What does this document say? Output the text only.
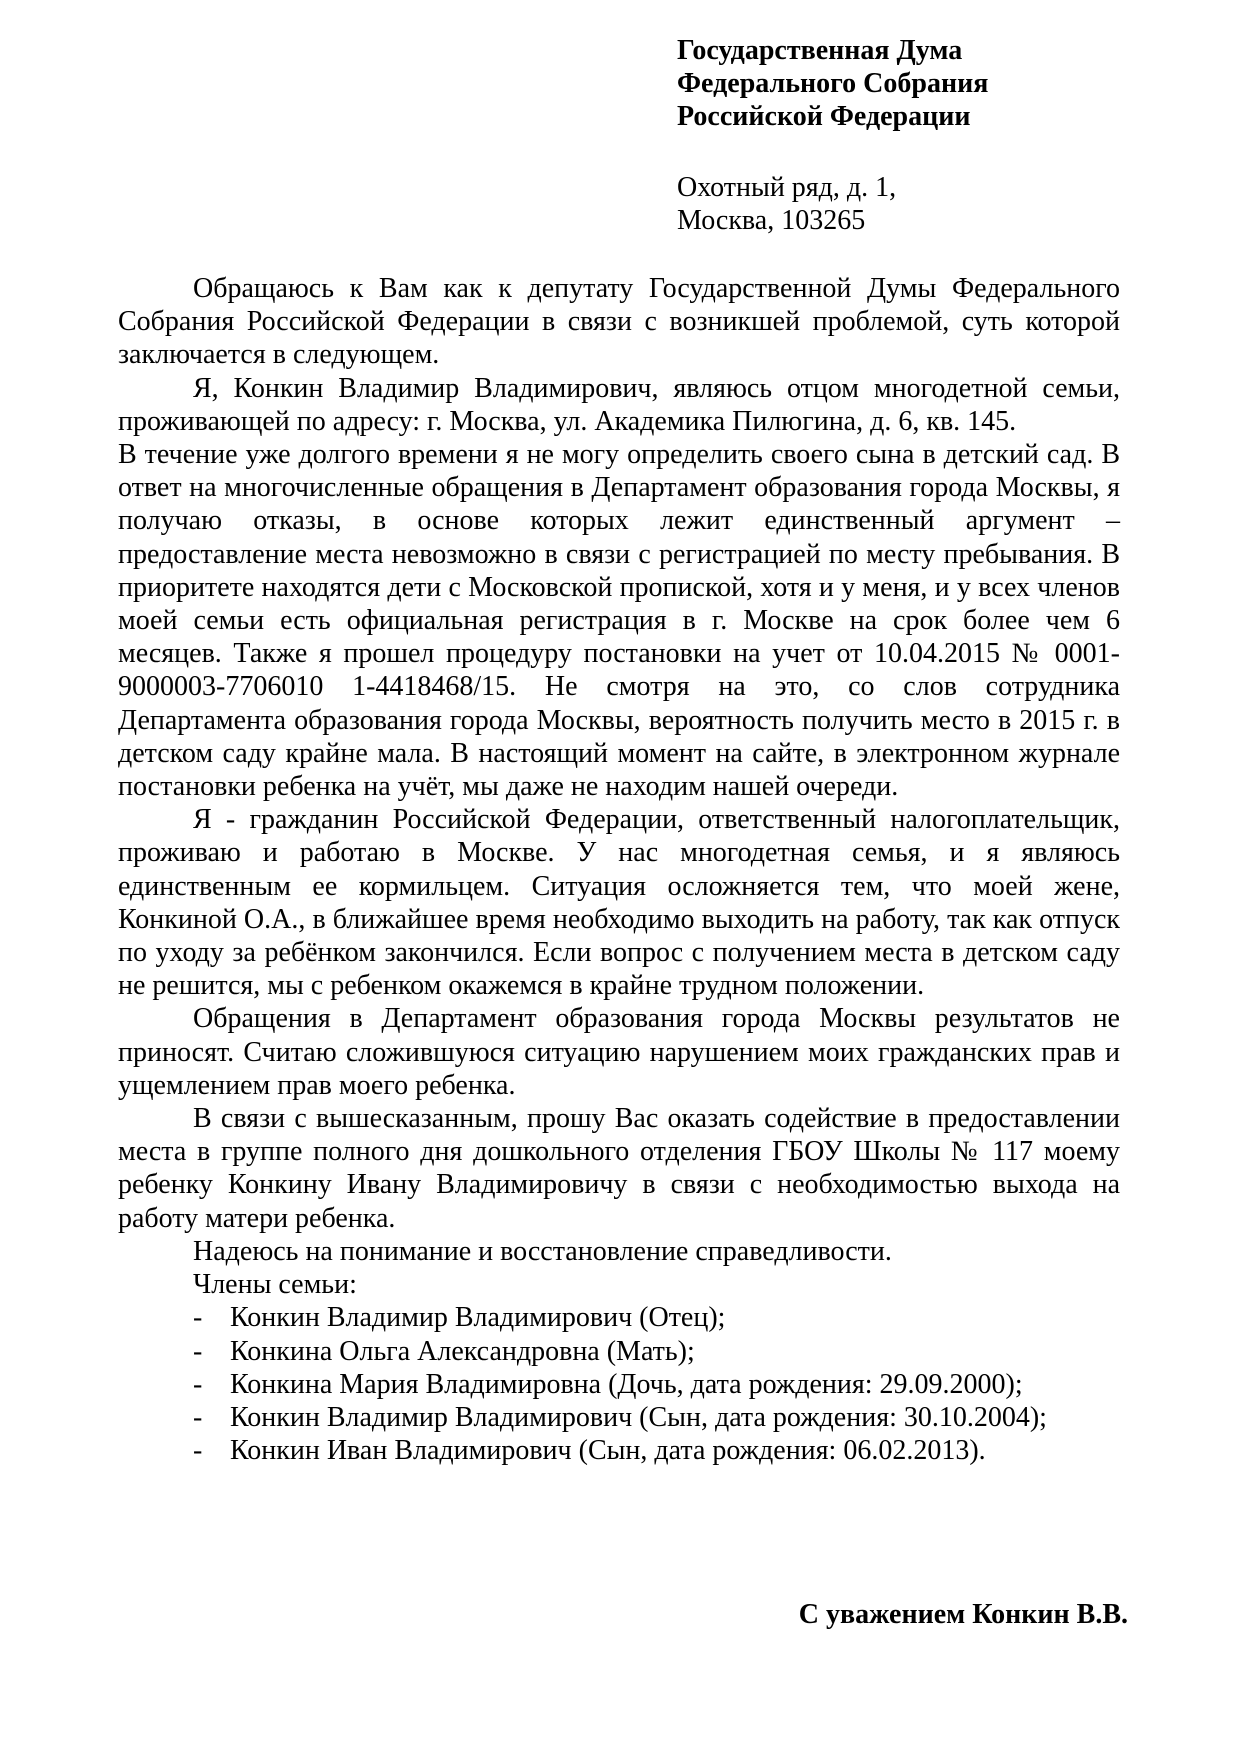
Государственная Дума
Федерального Собрания
Российской Федерации
Охотный ряд, д. 1,
Москва, 103265

Обращаюсь к Вам как к депутату Государственной Думы Федерального Собрания Российской Федерации в связи с возникшей проблемой, суть которой заключается в следующем.

Я, Конкин Владимир Владимирович, являюсь отцом многодетной семьи, проживающей по адресу: г. Москва, ул. Академика Пилюгина, д. 6, кв. 145.

В течение уже долгого времени я не могу определить своего сына в детский сад. В ответ на многочисленные обращения в Департамент образования города Москвы, я получаю отказы, в основе которых лежит единственный аргумент – предоставление места невозможно в связи с регистрацией по месту пребывания. В приоритете находятся дети с Московской пропиской, хотя и у меня, и у всех членов моей семьи есть официальная регистрация в г. Москве на срок более чем 6 месяцев. Также я прошел процедуру постановки на учет от 10.04.2015 № 0001-9000003-7706010 1-4418468/15. Не смотря на это, со слов сотрудника Департамента образования города Москвы, вероятность получить место в 2015 г. в детском саду крайне мала. В настоящий момент на сайте, в электронном журнале постановки ребенка на учёт, мы даже не находим нашей очереди.

Я - гражданин Российской Федерации, ответственный налогоплательщик, проживаю и работаю в Москве. У нас многодетная семья, и я являюсь единственным ее кормильцем. Ситуация осложняется тем, что моей жене, Конкиной О.А., в ближайшее время необходимо выходить на работу, так как отпуск по уходу за ребёнком закончился. Если вопрос с получением места в детском саду не решится, мы с ребенком окажемся в крайне трудном положении.

Обращения в Департамент образования города Москвы результатов не приносят. Считаю сложившуюся ситуацию нарушением моих гражданских прав и ущемлением прав моего ребенка.

В связи с вышесказанным, прошу Вас оказать содействие в предоставлении места в группе полного дня дошкольного отделения ГБОУ Школы № 117 моему ребенку Конкину Ивану Владимировичу в связи с необходимостью выхода на работу матери ребенка.

Надеюсь на понимание и восстановление справедливости.

Члены семьи:
- Конкин Владимир Владимирович (Отец);
- Конкина Ольга Александровна (Мать);
- Конкина Мария Владимировна (Дочь, дата рождения: 29.09.2000);
- Конкин Владимир Владимирович (Сын, дата рождения: 30.10.2004);
- Конкин Иван Владимирович (Сын, дата рождения: 06.02.2013).
С уважением Конкин В.В.
